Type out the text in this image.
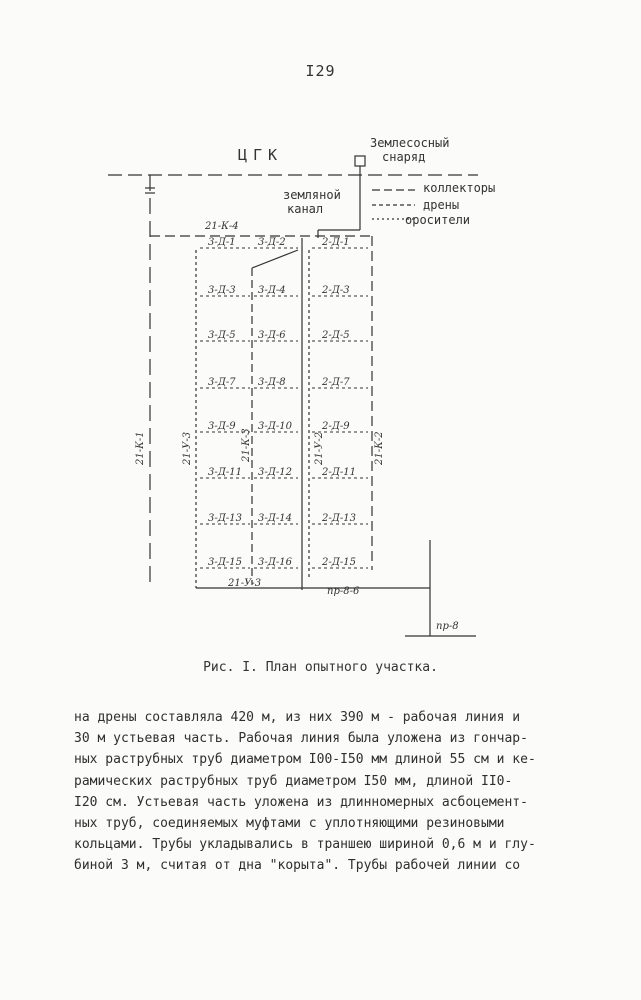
I29
ЦГК
Землесосный
снаряд
земляной
канал
коллекторы
дрены
оросители
21-К-4
пр-8-6
пр-8
21-У-3
21-К-1	21-У-3	21-К-3	21-У-2	21-К-2
3-Д-1
3-Д-3
3-Д-5
3-Д-7
3-Д-9
3-Д-11
3-Д-13
3-Д-15
3-Д-2
3-Д-4
3-Д-6
3-Д-8
3-Д-10
3-Д-12
3-Д-14
3-Д-16
2-Д-1
2-Д-3
2-Д-5
2-Д-7
2-Д-9
2-Д-11
2-Д-13
2-Д-15
Рис. I. План опытного участка.
на дрены составляла 420 м, из них 390 м - рабочая линия и
30 м устьевая часть. Рабочая линия была уложена из гончар-
ных раструбных труб диаметром I00-I50 мм длиной 55 см и ке-
рамических раструбных труб диаметром I50 мм, длиной II0-
I20 см. Устьевая часть уложена из длинномерных асбоцемент-
ных труб, соединяемых муфтами с уплотняющими резиновыми
кольцами. Трубы укладывались в траншею шириной 0,6 м и глу-
биной 3 м, считая от дна "корыта". Трубы рабочей линии со
